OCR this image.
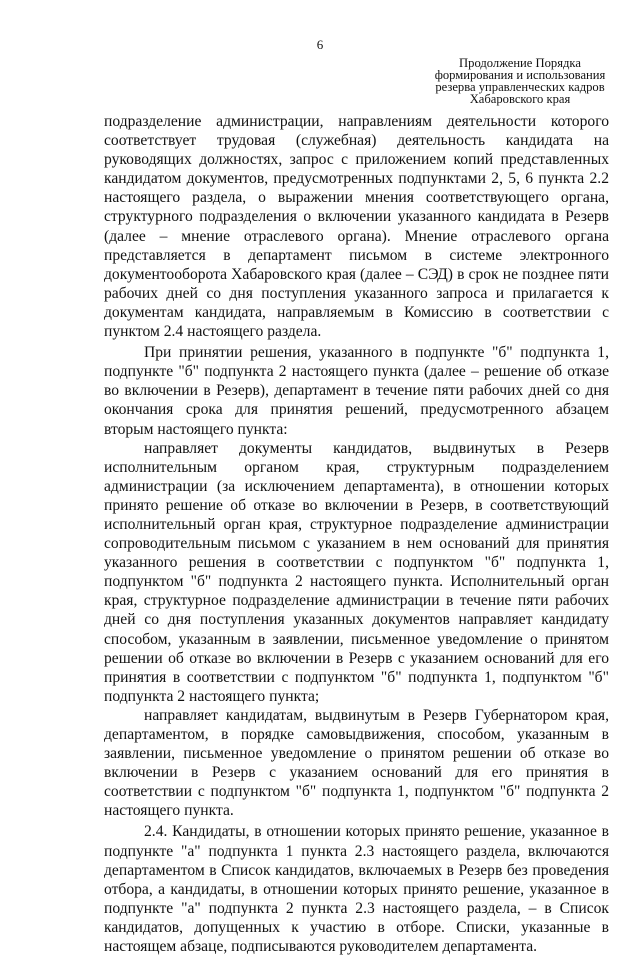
6
Продолжение Порядка
формирования и использования
резерва управленческих кадров
Хабаровского края

подразделение администрации, направлениям деятельности которого соответствует трудовая (служебная) деятельность кандидата на руководящих должностях, запрос с приложением копий представленных кандидатом документов, предусмотренных подпунктами 2, 5, 6 пункта 2.2 настоящего раздела, о выражении мнения соответствующего органа, структурного подразделения о включении указанного кандидата в Резерв (далее – мнение отраслевого органа). Мнение отраслевого органа представляется в департамент письмом в системе электронного документооборота Хабаровского края (далее – СЭД) в срок не позднее пяти рабочих дней со дня поступления указанного запроса и прилагается к документам кандидата, направляемым в Комиссию в соответствии с пунктом 2.4 настоящего раздела.

При принятии решения, указанного в подпункте "б" подпункта 1, подпункте "б" подпункта 2 настоящего пункта (далее – решение об отказе во включении в Резерв), департамент в течение пяти рабочих дней со дня окончания срока для принятия решений, предусмотренного абзацем вторым настоящего пункта:

направляет документы кандидатов, выдвинутых в Резерв исполнительным органом края, структурным подразделением администрации (за исключением департамента), в отношении которых принято решение об отказе во включении в Резерв, в соответствующий исполнительный орган края, структурное подразделение администрации сопроводительным письмом с указанием в нем оснований для принятия указанного решения в соответствии с подпунктом "б" подпункта 1, подпунктом "б" подпункта 2 настоящего пункта. Исполнительный орган края, структурное подразделение администрации в течение пяти рабочих дней со дня поступления указанных документов направляет кандидату способом, указанным в заявлении, письменное уведомление о принятом решении об отказе во включении в Резерв с указанием оснований для его принятия в соответствии с подпунктом "б" подпункта 1, подпунктом "б" подпункта 2 настоящего пункта;

направляет кандидатам, выдвинутым в Резерв Губернатором края, департаментом, в порядке самовыдвижения, способом, указанным в заявлении, письменное уведомление о принятом решении об отказе во включении в Резерв с указанием оснований для его принятия в соответствии с подпунктом "б" подпункта 1, подпунктом "б" подпункта 2 настоящего пункта.

2.4. Кандидаты, в отношении которых принято решение, указанное в подпункте "а" подпункта 1 пункта 2.3 настоящего раздела, включаются департаментом в Список кандидатов, включаемых в Резерв без проведения отбора, а кандидаты, в отношении которых принято решение, указанное в подпункте "а" подпункта 2 пункта 2.3 настоящего раздела, – в Список кандидатов, допущенных к участию в отборе. Списки, указанные в настоящем абзаце, подписываются руководителем департамента.
